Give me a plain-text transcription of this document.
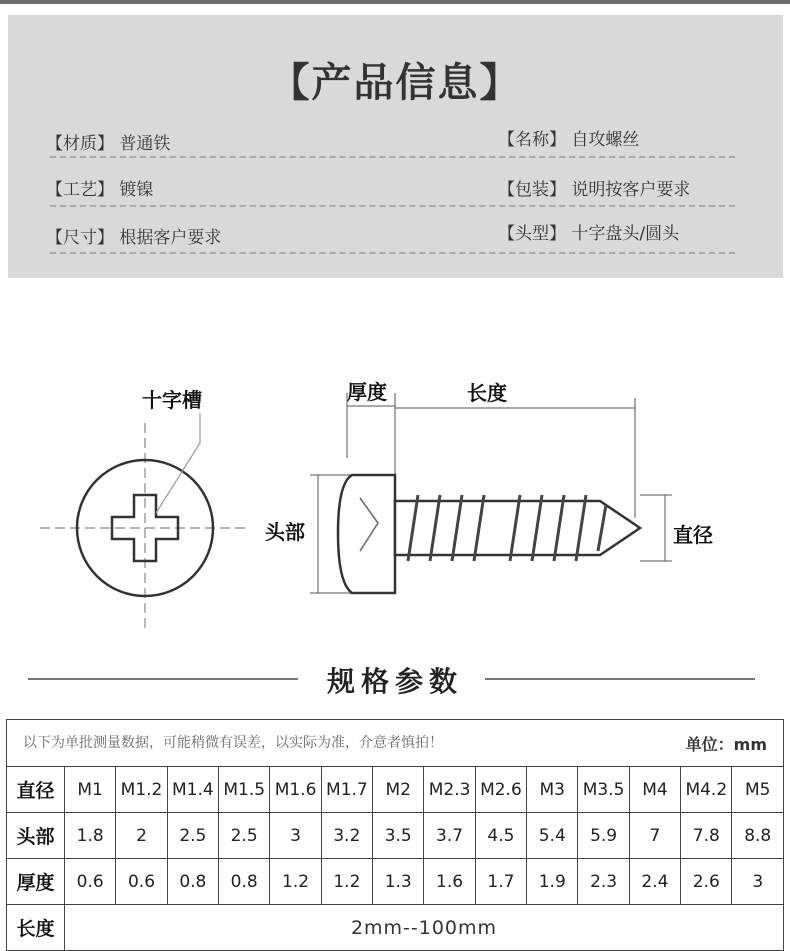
【产品信息】
【材质】 普通铁	【名称】 自攻螺丝
【工艺】 镀镍	【包装】 说明按客户要求
【尺寸】 根据客户要求	【头型】 十字盘头/圆头
十字槽	厚度	长度
头部	直径
规格参数
以下为单批测量数据，可能稍微有误差，以实际为准，介意者慎拍！ 单位：mm														

直径	M1	M1.2	M1.4	M1.5	M1.6	M1.7	M2	M2.3	M2.6	M3	M3.5	M4	M4.2	M5
头部	1.8	2	2.5	2.5	3	3.2	3.5	3.7	4.5	5.4	5.9	7	7.8	8.8
厚度	0.6	0.6	0.8	0.8	1.2	1.2	1.3	1.6	1.7	1.9	2.3	2.4	2.6	3
长度	2mm--100mm													
